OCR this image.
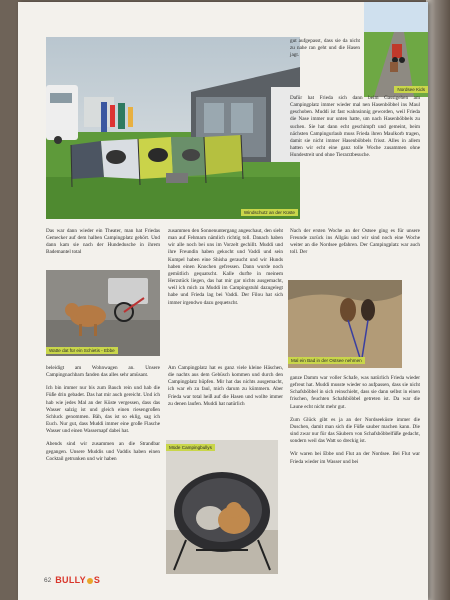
Windschutz an der Küste
Nordsee Kids

gut aufgepasst, dass sie da nicht zu nahe ran geht und die Hasen jagt.

Dafür hat Frieda sich dann beim Gassigehen am Campingplatz immer wieder mal nen Hasenböbbel ins Maul geschoben. Muddi ist fast wahnsinnig geworden, weil Frieda die Nase immer nur unten hatte, um nach Hasenböbbels zu suchen. Sie hat dann echt geschimpft und gemeint, beim nächsten Campingurlaub muss Frieda ihren Maulkorb tragen, damit sie nicht immer Hasenböbbels frisst. Alles in allem hatten wir echt eine ganz tolle Woche zusammen ohne Hundestreit und ohne Tierarztbesuche.

Das war dann wieder ein Theater, man hat Friedas Gemecker auf dem halben Campingplatz gehört. Und dann kam sie nach der Hundedusche in ihrem Bademantel total

zusammen den Sonnenuntergang angeschaut, den sieht man auf Fehmarn nämlich richtig toll. Danach haben wir alle noch bei uns im Vorzelt gechillt. Muddi und ihre Freundin haben gekocht und Vaddi und sein Kumpel haben eine Shisha geraucht und wir Hunds haben einen Knochen gefressen. Dann wurde noch gemütlich gequatscht. Kalle durfte in meinem Herzstück liegen, das hat mir gar nichts ausgemacht, weil ich mich zu Muddi im Campingstuhl dazugelegt habe und Frieda lag bei Vaddi. Der Filou hat sich immer irgendwo dazu gequetscht.

Nach der ersten Woche an der Ostsee ging es für unsere Freunde zurück ins Allgäu und wir sind noch eine Woche weiter an die Nordsee gefahren. Der Campingplatz war auch toll. Der

Watte dat für ein Schietis - Ebbe
Mal ein Bad in der Ostsee nehmen

beleidigt am Wohnwagen an. Unsere Campingnachbarn fanden das alles sehr amüsant.

Ich bin immer nur bis zum Bauch rein und hab die Füße drin gebadet. Das hat mir auch gereicht. Und ich hab wie jedes Mal an der Küste vergessen, dass das Wasser salzig ist und gleich einen riesengroßen Schluck genommen. Bäh, das ist so eklig, sag ich Euch. Nur gut, dass Muddi immer eine große Flasche Wasser und einen Wassernapf dabei hat.

Abends sind wir zusammen an die Strandbar gegangen. Unsere Muddis und Vaddis haben einen Cocktail getrunken und wir haben

Am Campingplatz hat es ganz viele kleine Häschen, die nachts aus dem Gebüsch kommen und durch den Campingplatz hüpfen. Mir hat das nichts ausgemacht, ich war eh zu faul, mich darum zu kümmern. Aber Frieda war total heiß auf die Hasen und wollte immer zu denen laufen. Muddi hat natürlich

Müde Campingbullys

ganze Damm war voller Schafe, was natürlich Frieda wieder gefreut hat. Muddi musste wieder so aufpassen, dass sie nicht Schafsböbbel in sich reinschiebt, dass sie dann selbst in einen frischen, feuchten Schafsböbbel getreten ist. Da war die Laune echt nicht mehr gut.

Zum Glück gibt es ja an der Nordseeküste immer die Duschen, damit man sich die Füße sauber machen kann. Die sind zwar nur für das Säubern von Schafsböbbelfüße gedacht, sondern weil das Watt so dreckig ist.

Wir waren bei Ebbe und Flut an der Nordsee. Bei Flut war Frieda wieder im Wasser und bei

62 BULLY S
